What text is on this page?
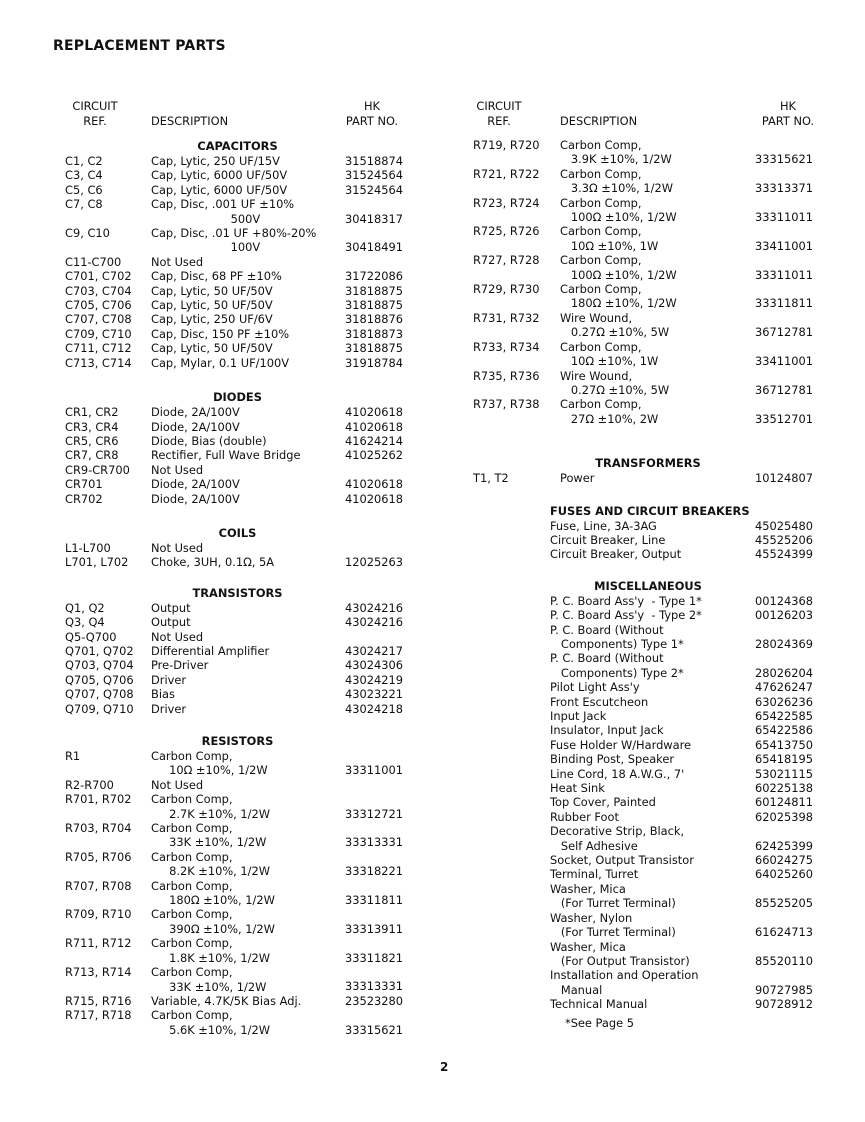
REPLACEMENT PARTS
CIRCUIT
REF.	DESCRIPTION
HK
PART NO.
CAPACITORS
C1, C2	Cap, Lytic, 250 UF/15V	31518874
C3, C4	Cap, Lytic, 6000 UF/50V	31524564
C5, C6	Cap, Lytic, 6000 UF/50V	31524564
C7, C8	Cap, Disc, .001 UF ±10%
500V	30418317
C9, C10	Cap, Disc, .01 UF +80%-20%
100V	30418491
C11-C700	Not Used
C701, C702 Cap, Disc, 68 PF ±10%	31722086
C703, C704 Cap, Lytic, 50 UF/50V	31818875
C705, C706 Cap, Lytic, 50 UF/50V	31818875
C707, C708 Cap, Lytic, 250 UF/6V	31818876
C709, C710 Cap, Disc, 150 PF ±10%	31818873
C711, C712 Cap, Lytic, 50 UF/50V	31818875
C713, C714 Cap, Mylar, 0.1 UF/100V	31918784
DIODES
CR1, CR2	Diode, 2A/100V	41020618
CR3, CR4	Diode, 2A/100V	41020618
CR5, CR6	Diode, Bias (double)	41624214
CR7, CR8	Rectifier, Full Wave Bridge	41025262
CR9-CR700 Not Used
CR701	Diode, 2A/100V	41020618
CR702	Diode, 2A/100V	41020618
COILS
L1-L700	Not Used
L701, L702 Choke, 3UH, 0.1Ω, 5A	12025263
TRANSISTORS
Q1, Q2	Output	43024216
Q3, Q4	Output	43024216
Q5-Q700	Not Used
Q701, Q702 Differential Amplifier	43024217
Q703, Q704 Pre-Driver	43024306
Q705, Q706 Driver	43024219
Q707, Q708 Bias	43023221
Q709, Q710 Driver	43024218
RESISTORS
R1	Carbon Comp,
10Ω ±10%, 1/2W	33311001
R2-R700	Not Used
R701, R702 Carbon Comp,
2.7K ±10%, 1/2W	33312721
R703, R704 Carbon Comp,
33K ±10%, 1/2W	33313331
R705, R706 Carbon Comp,
8.2K ±10%, 1/2W	33318221
R707, R708 Carbon Comp,
180Ω ±10%, 1/2W	33311811
R709, R710 Carbon Comp,
390Ω ±10%, 1/2W	33313911
R711, R712 Carbon Comp,
1.8K ±10%, 1/2W	33311821
R713, R714 Carbon Comp,
33K ±10%, 1/2W	33313331
R715, R716 Variable, 4.7K/5K Bias Adj.	23523280
R717, R718 Carbon Comp,
5.6K ±10%, 1/2W	33315621
CIRCUIT
REF.	DESCRIPTION
HK
PART NO.
R719, R720 Carbon Comp,
3.9K ±10%, 1/2W	33315621
R721, R722 Carbon Comp,
3.3Ω ±10%, 1/2W	33313371
R723, R724 Carbon Comp,
100Ω ±10%, 1/2W	33311011
R725, R726 Carbon Comp,
10Ω ±10%, 1W	33411001
R727, R728 Carbon Comp,
100Ω ±10%, 1/2W	33311011
R729, R730 Carbon Comp,
180Ω ±10%, 1/2W	33311811
R731, R732 Wire Wound,
0.27Ω ±10%, 5W	36712781
R733, R734 Carbon Comp,
10Ω ±10%, 1W	33411001
R735, R736 Wire Wound,
0.27Ω ±10%, 5W	36712781
R737, R738 Carbon Comp,
27Ω ±10%, 2W	33512701
TRANSFORMERS
T1, T2	Power	10124807
FUSES AND CIRCUIT BREAKERS
Fuse, Line, 3A-3AG	45025480
Circuit Breaker, Line	45525206
Circuit Breaker, Output	45524399
MISCELLANEOUS
P. C. Board Ass'y  - Type 1*	00124368
P. C. Board Ass'y  - Type 2*	00126203
P. C. Board (Without
Components) Type 1*	28024369
P. C. Board (Without
Components) Type 2*	28026204
Pilot Light Ass'y	47626247
Front Escutcheon	63026236
Input Jack	65422585
Insulator, Input Jack	65422586
Fuse Holder W/Hardware	65413750
Binding Post, Speaker	65418195
Line Cord, 18 A.W.G., 7'	53021115
Heat Sink	60225138
Top Cover, Painted	60124811
Rubber Foot	62025398
Decorative Strip, Black,
Self Adhesive	62425399
Socket, Output Transistor	66024275
Terminal, Turret	64025260
Washer, Mica
(For Turret Terminal)	85525205
Washer, Nylon
(For Turret Terminal)	61624713
Washer, Mica
(For Output Transistor)	85520110
Installation and Operation
Manual	90727985
Technical Manual	90728912
*See Page 5
2
